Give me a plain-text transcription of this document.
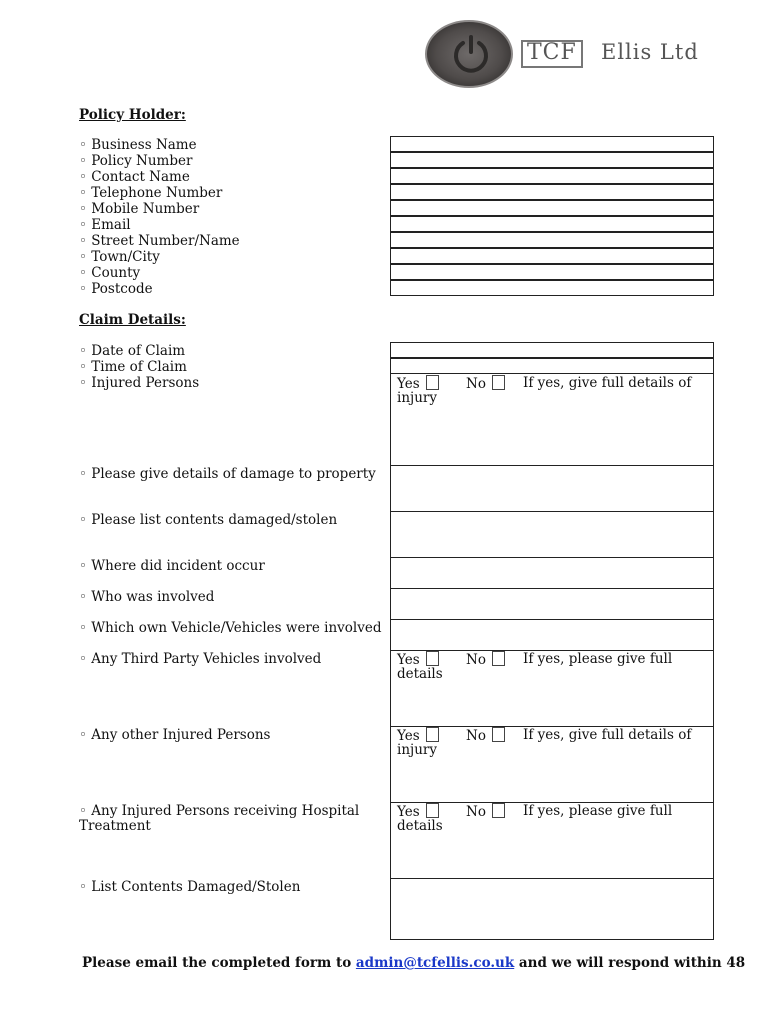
TCF Ellis Ltd
Policy Holder:
◦ Business Name
◦ Policy Number
◦ Contact Name
◦ Telephone Number
◦ Mobile Number
◦ Email
◦ Street Number/Name
◦ Town/City
◦ County
◦ Postcode
Claim Details:
◦ Date of Claim
◦ Time of Claim
◦ Injured Persons	Yes	No	If yes, give full details of
injury
◦ Please give details of damage to property
◦ Please list contents damaged/stolen
◦ Where did incident occur
◦ Who was involved
◦ Which own Vehicle/Vehicles were involved
◦ Any Third Party Vehicles involved	Yes	No	If yes, please give full
details
◦ Any other Injured Persons	Yes	No	If yes, give full details of
injury
◦ Any Injured Persons receiving Hospital
Treatment
Yes	No	If yes, please give full
details
◦ List Contents Damaged/Stolen
Please email the completed form to admin@tcfellis.co.uk and we will respond within 48
